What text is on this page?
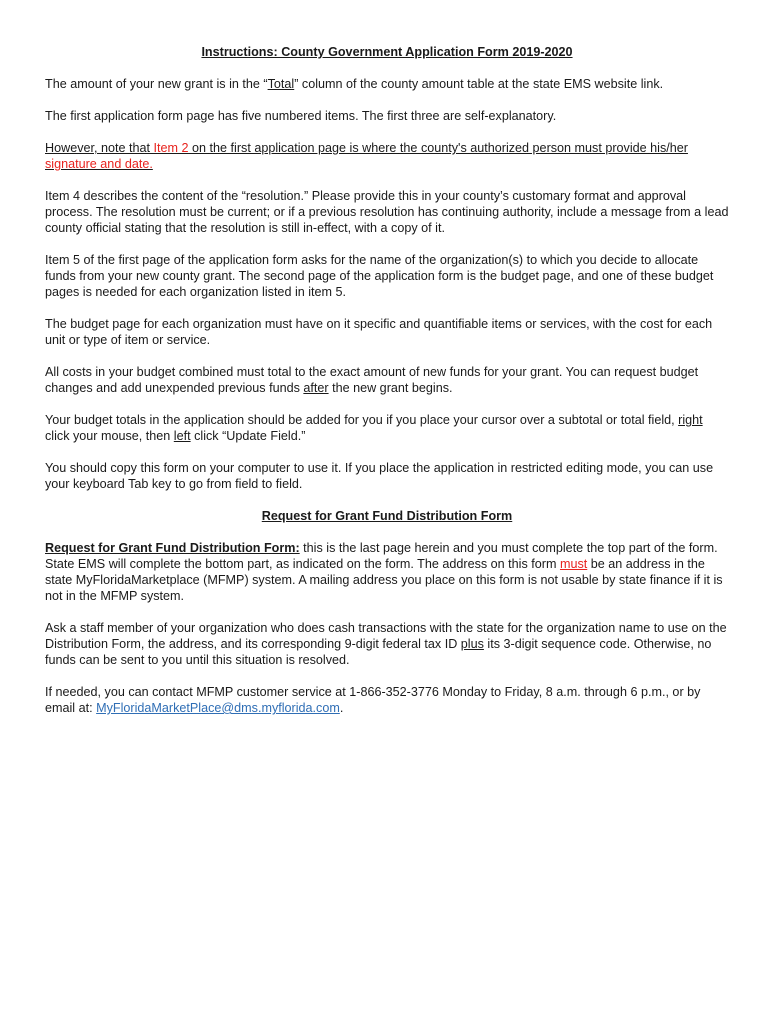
Instructions: County Government Application Form 2019-2020

The amount of your new grant is in the “Total” column of the county amount table at the state EMS website link.

The first application form page has five numbered items. The first three are self-explanatory.

However, note that Item 2 on the first application page is where the county's authorized person must provide his/her signature and date.

Item 4 describes the content of the “resolution.” Please provide this in your county’s customary format and approval process. The resolution must be current; or if a previous resolution has continuing authority, include a message from a lead county official stating that the resolution is still in-effect, with a copy of it.

Item 5 of the first page of the application form asks for the name of the organization(s) to which you decide to allocate funds from your new county grant. The second page of the application form is the budget page, and one of these budget pages is needed for each organization listed in item 5.

The budget page for each organization must have on it specific and quantifiable items or services, with the cost for each unit or type of item or service.

All costs in your budget combined must total to the exact amount of new funds for your grant. You can request budget changes and add unexpended previous funds after the new grant begins.

Your budget totals in the application should be added for you if you place your cursor over a subtotal or total field, right click your mouse, then left click “Update Field.”

You should copy this form on your computer to use it. If you place the application in restricted editing mode, you can use your keyboard Tab key to go from field to field.

Request for Grant Fund Distribution Form

Request for Grant Fund Distribution Form: this is the last page herein and you must complete the top part of the form. State EMS will complete the bottom part, as indicated on the form. The address on this form must be an address in the state MyFloridaMarketplace (MFMP) system. A mailing address you place on this form is not usable by state finance if it is not in the MFMP system.

Ask a staff member of your organization who does cash transactions with the state for the organization name to use on the Distribution Form, the address, and its corresponding 9-digit federal tax ID plus its 3-digit sequence code. Otherwise, no funds can be sent to you until this situation is resolved.

If needed, you can contact MFMP customer service at 1-866-352-3776 Monday to Friday, 8 a.m. through 6 p.m., or by email at: MyFloridaMarketPlace@dms.myflorida.com.
